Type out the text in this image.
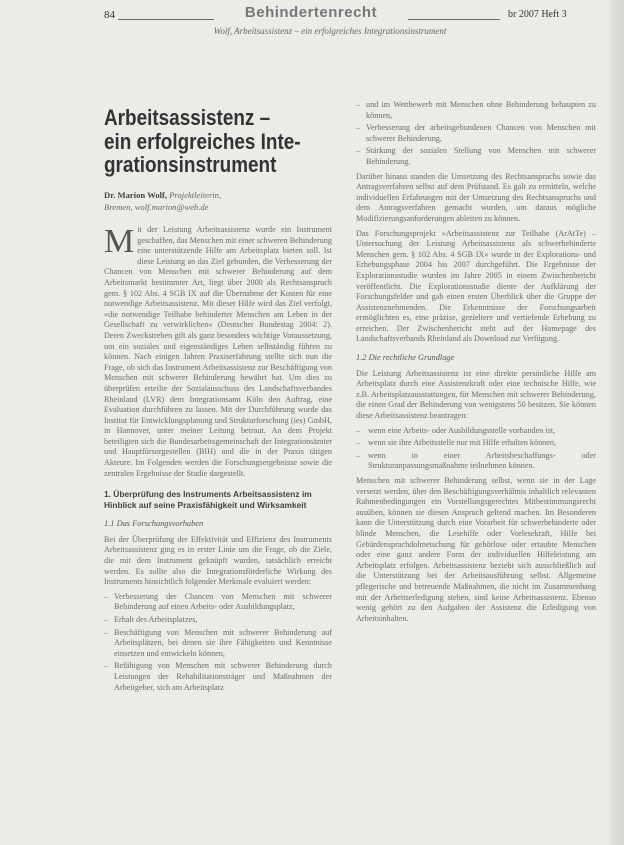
84	Behindertenrecht	br 2007 Heft 3
Wolf, Arbeitsassistenz – ein erfolgreiches Integrationsinstrument
Arbeitsassistenz –
ein erfolgreiches Inte-
grationsinstrument
Dr. Marion Wolf, Projektleiterin,
Bremen, wolf.marion@web.de

Mit der Leistung Arbeitsassistenz wurde ein Instrument geschaffen, das Menschen mit einer schweren Behinderung eine unterstützende Hilfe am Arbeitsplatz bieten soll. Ist diese Leistung an das Ziel gebunden, die Verbesserung der Chancen von Menschen mit schwerer Behinderung auf dem Arbeitsmarkt bestimmter Art, liegt über 2000 als Rechtsanspruch gem. § 102 Abs. 4 SGB IX auf die Übernahme der Kosten für eine notwendige Arbeitsassistenz. Mit dieser Hilfe wird das Ziel verfolgt, »die notwendige Teilhabe behinderter Menschen am Leben in der Gesellschaft zu verwirklichen« (Deutscher Bundestag 2004: 2). Deren Zweckstreben gilt als ganz besonders wichtige Voraussetzung, um ein soziales und eigenständiges Leben selbständig führen zu können. Nach einigen Jahren Praxiserfahrung stellte sich nun die Frage, ob sich das Instrument Arbeitsassistenz zur Beschäftigung von Menschen mit schwerer Behinderung bewährt hat. Um dies zu überprüfen erteilte der Sozialausschuss des Landschaftsverbandes Rheinland (LVR) dem Integrationsamt Köln den Auftrag, eine Evaluation durchführen zu lassen. Mit der Durchführung wurde das Institut für Entwicklungsplanung und Strukturforschung (ies) GmbH, in Hannover, unter meiner Leitung betraut. An dem Projekt beteiligten sich die Bundesarbeitsgemeinschaft der Integrationsämter und Hauptfürsorgestellen (BIH) und die in der Praxis tätigen Akteure. Im Folgenden werden die Forschungsergebnisse sowie die zentralen Ergebnisse der Studie dargestellt.

1. Überprüfung des Instruments Arbeitsassistenz im Hinblick auf seine Praxisfähigkeit und Wirksamkeit
1.1 Das Forschungsvorhaben

Bei der Überprüfung der Effektivität und Effizienz des Instruments Arbeitsassistenz ging es in erster Linie um die Frage, ob die Ziele, die mit dem Instrument geknüpft wurden, tatsächlich erreicht werden. Es sollte also die Integrationsförderliche Wirkung des Instruments hinsichtlich folgender Merkmale evaluiert werden:

– Verbesserung der Chancen von Menschen mit schwerer Behinderung auf einen Arbeits- oder Ausbildungsplatz,
– Erhalt des Arbeitsplatzes,
– Beschäftigung von Menschen mit schwerer Behinderung auf Arbeitsplätzen, bei denen sie ihre Fähigkeiten und Kenntnisse einsetzen und entwickeln können,
– Befähigung von Menschen mit schwerer Behinderung durch Leistungen der Rehabilitationsträger und Maßnahmen der Arbeitgeber, sich am Arbeitsplatz
– und im Wettbewerb mit Menschen ohne Behinderung behaupten zu können,
– Verbesserung der arbeitsgebundenen Chancen von Menschen mit schwerer Behinderung,
– Stärkung der sozialen Stellung von Menschen mit schwerer Behinderung.

Darüber hinaus standen die Umsetzung des Rechtsanspruchs sowie das Antragsverfahren selbst auf dem Prüfstand. Es galt zu ermitteln, welche individuellen Erfahrungen mit der Umsetzung des Rechtsanspruchs und dem Antragsverfahren gemacht wurden, um daraus mögliche Modifizierungsanforderungen ableiten zu können.

Das Forschungsprojekt »Arbeitsassistenz zur Teilhabe (ArAtTe) – Untersuchung der Leistung Arbeitsassistenz als schwerbehinderte Menschen gem. § 102 Abs. 4 SGB IX« wurde in der Explorations- und Erhebungsphase 2004 bis 2007 durchgeführt. Die Ergebnisse der Explorationsstudie wurden im Jahre 2005 in einem Zwischenbericht veröffentlicht. Die Explorationsstudie diente der Aufklärung der Forschungsfelder und gab einen ersten Überblick über die Gruppe der Assistenznehmenden. Die Erkenntnisse der Forschungsarbeit ermöglichten es, eine präzise, gezieltere und vertiefende Erhebung zu erreichen. Der Zwischenbericht steht auf der Homepage des Landschaftsverbands Rheinland als Download zur Verfügung.

1.2 Die rechtliche Grundlage

Die Leistung Arbeitsassistenz ist eine direkte persönliche Hilfe am Arbeitsplatz durch eine Assistenzkraft oder eine technische Hilfe, wie z.B. Arbeitsplatzausstattungen, für Menschen mit schwerer Behinderung, die einen Grad der Behinderung von wenigstens 50 besitzen. Sie können diese Arbeitsassistenz beantragen:

– wenn eine Arbeits- oder Ausbildungsstelle vorhanden ist,
– wenn sie ihre Arbeitsstelle nur mit Hilfe erhalten können,
– wenn in einer Arbeitsbeschaffungs- oder Strukturanpassungsmaßnahme teilnehmen können.

Menschen mit schwerer Behinderung selbst, wenn sie in der Lage versetzt werden, über den Beschäftigungsverhältnis inhaltlich relevanten Rahmenbedingungen ein Vorstellungsgerechtes Mitbestimmungsrecht ausüben, können sie diesen Anspruch geltend machen. Im Besonderen kann die Unterstützung durch eine Vorarbeit für schwerbehinderte oder blinde Menschen, die Lesehilfe oder Vorlesekraft, Hilfe bei Gebärdensprachdolmetschung für gehörlose oder ertaubte Menschen oder eine ganz andere Form der individuellen Hilfeleistung am Arbeitsplatz erfolgen. Arbeitsassistenz bezieht sich ausschließlich auf die Unterstützung bei der Arbeitsausführung selbst. Allgemeine pflegerische und betreuende Maßnahmen, die nicht im Zusammenhang mit der Arbeitserledigung stehen, sind keine Arbeitsassistenz. Ebenso wenig gehört zu den Aufgaben der Assistenz die Erledigung von Arbeitsinhalten.
